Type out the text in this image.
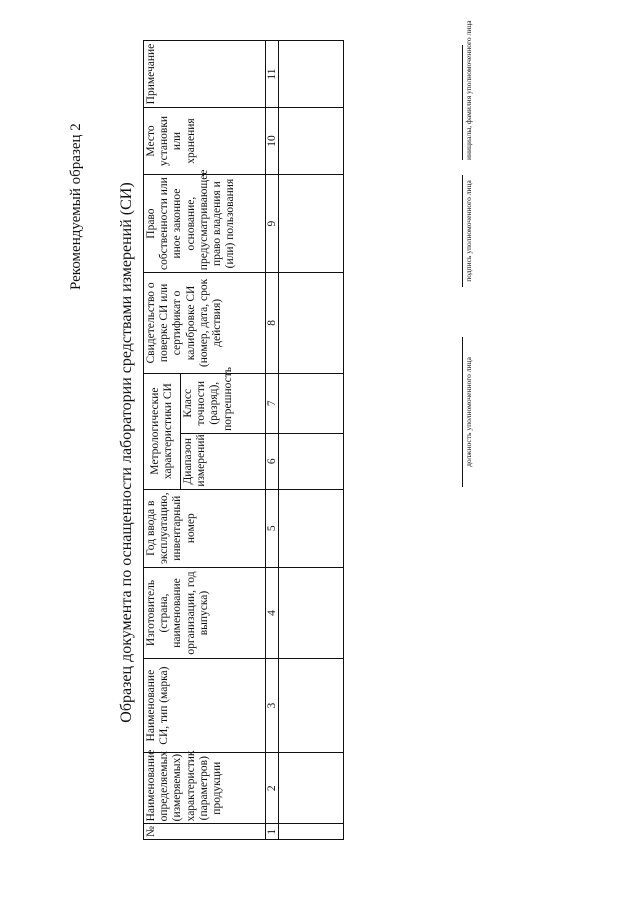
Рекомендуемый образец 2 Образец документа по оснащенности лаборатории средствами измерений (СИ)
№	Наименование определяемых (измеряемых) характеристик (параметров) продукции	Наименование СИ, тип (марка)	Изготовитель (страна, наименование организации, год выпуска)	Год ввода в эксплуатацию, инвентарный номер	Метрологические характеристики СИ		Свидетельство о поверке СИ или сертификат о калибровке СИ (номер, дата, срок действия)	Право собственности или иное законное основание, предусматривающее право владения и (или) пользования	Место установки или хранения	Примечание
					Диапазон измерений	Класс точности (разряд), погрешность				
1	2	3	4	5	6	7	8	9	10	11

должность уполномоченного лица
подпись уполномоченного лица
инициалы, фамилия уполномоченного лица
